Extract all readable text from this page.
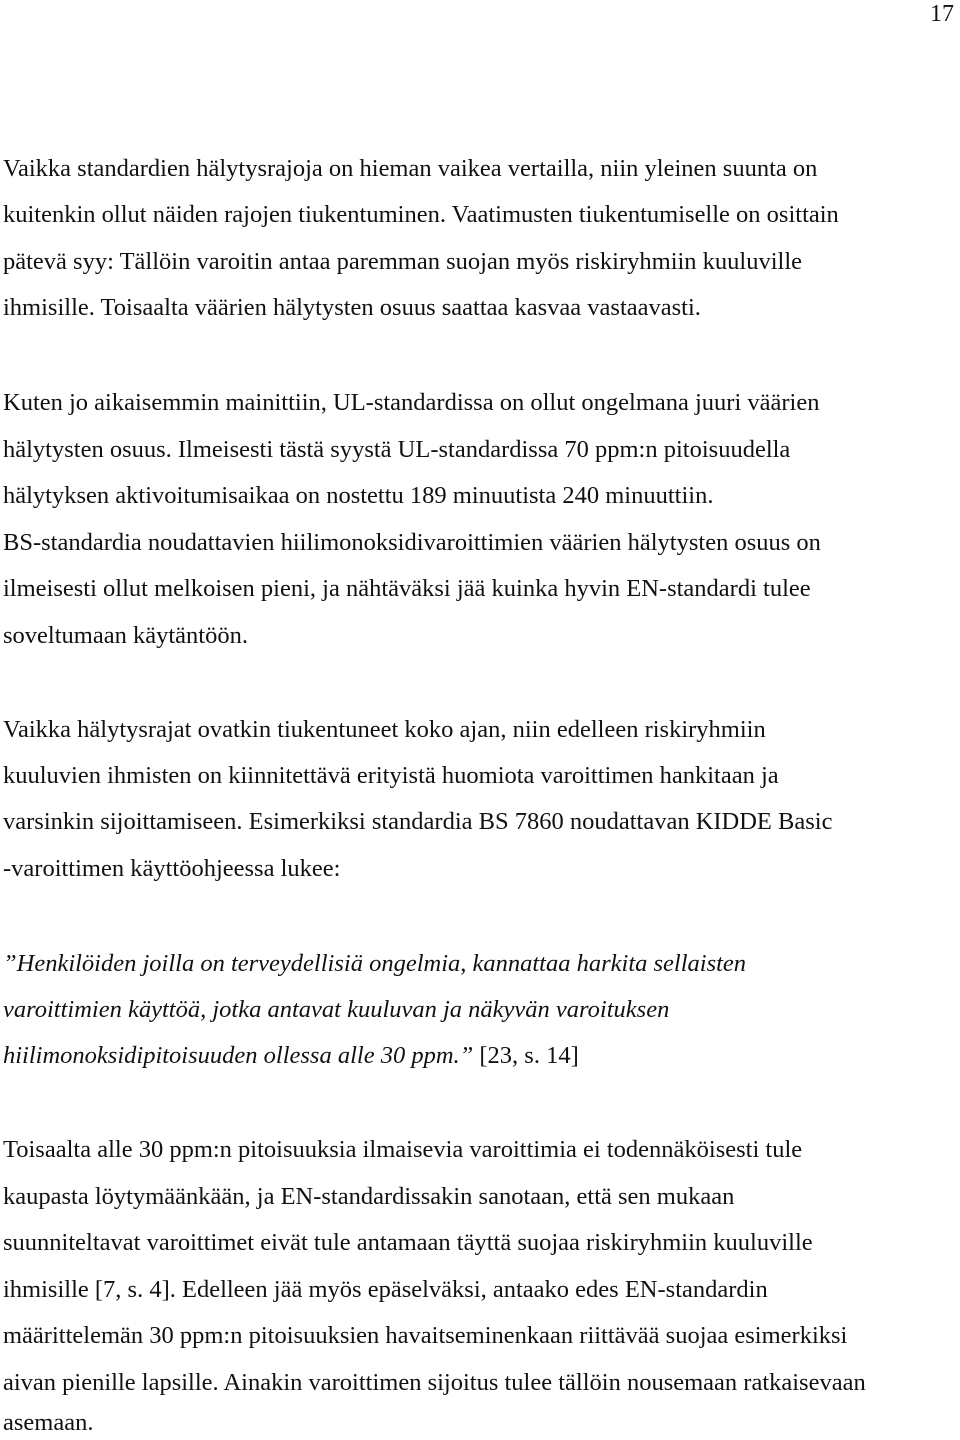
17
Vaikka standardien hälytysrajoja on hieman vaikea vertailla, niin yleinen suunta on
kuitenkin ollut näiden rajojen tiukentuminen. Vaatimusten tiukentumiselle on osittain
pätevä syy: Tällöin varoitin antaa paremman suojan myös riskiryhmiin kuuluville
ihmisille. Toisaalta väärien hälytysten osuus saattaa kasvaa vastaavasti.
Kuten jo aikaisemmin mainittiin, UL-standardissa on ollut ongelmana juuri väärien
hälytysten osuus. Ilmeisesti tästä syystä UL-standardissa 70 ppm:n pitoisuudella
hälytyksen aktivoitumisaikaa on nostettu 189 minuutista 240 minuuttiin.
BS-standardia noudattavien hiilimonoksidivaroittimien väärien hälytysten osuus on
ilmeisesti ollut melkoisen pieni, ja nähtäväksi jää kuinka hyvin EN-standardi tulee
soveltumaan käytäntöön.
Vaikka hälytysrajat ovatkin tiukentuneet koko ajan, niin edelleen riskiryhmiin
kuuluvien ihmisten on kiinnitettävä erityistä huomiota varoittimen hankitaan ja
varsinkin sijoittamiseen. Esimerkiksi standardia BS 7860 noudattavan KIDDE Basic
-varoittimen käyttöohjeessa lukee:
”Henkilöiden joilla on terveydellisiä ongelmia, kannattaa harkita sellaisten
varoittimien käyttöä, jotka antavat kuuluvan ja näkyvän varoituksen
hiilimonoksidipitoisuuden ollessa alle 30 ppm.” [23, s. 14]
Toisaalta alle 30 ppm:n pitoisuuksia ilmaisevia varoittimia ei todennäköisesti tule
kaupasta löytymäänkään, ja EN-standardissakin sanotaan, että sen mukaan
suunniteltavat varoittimet eivät tule antamaan täyttä suojaa riskiryhmiin kuuluville
ihmisille [7, s. 4]. Edelleen jää myös epäselväksi, antaako edes EN-standardin
määrittelemän 30 ppm:n pitoisuuksien havaitseminenkaan riittävää suojaa esimerkiksi
aivan pienille lapsille. Ainakin varoittimen sijoitus tulee tällöin nousemaan ratkaisevaan
asemaan.
